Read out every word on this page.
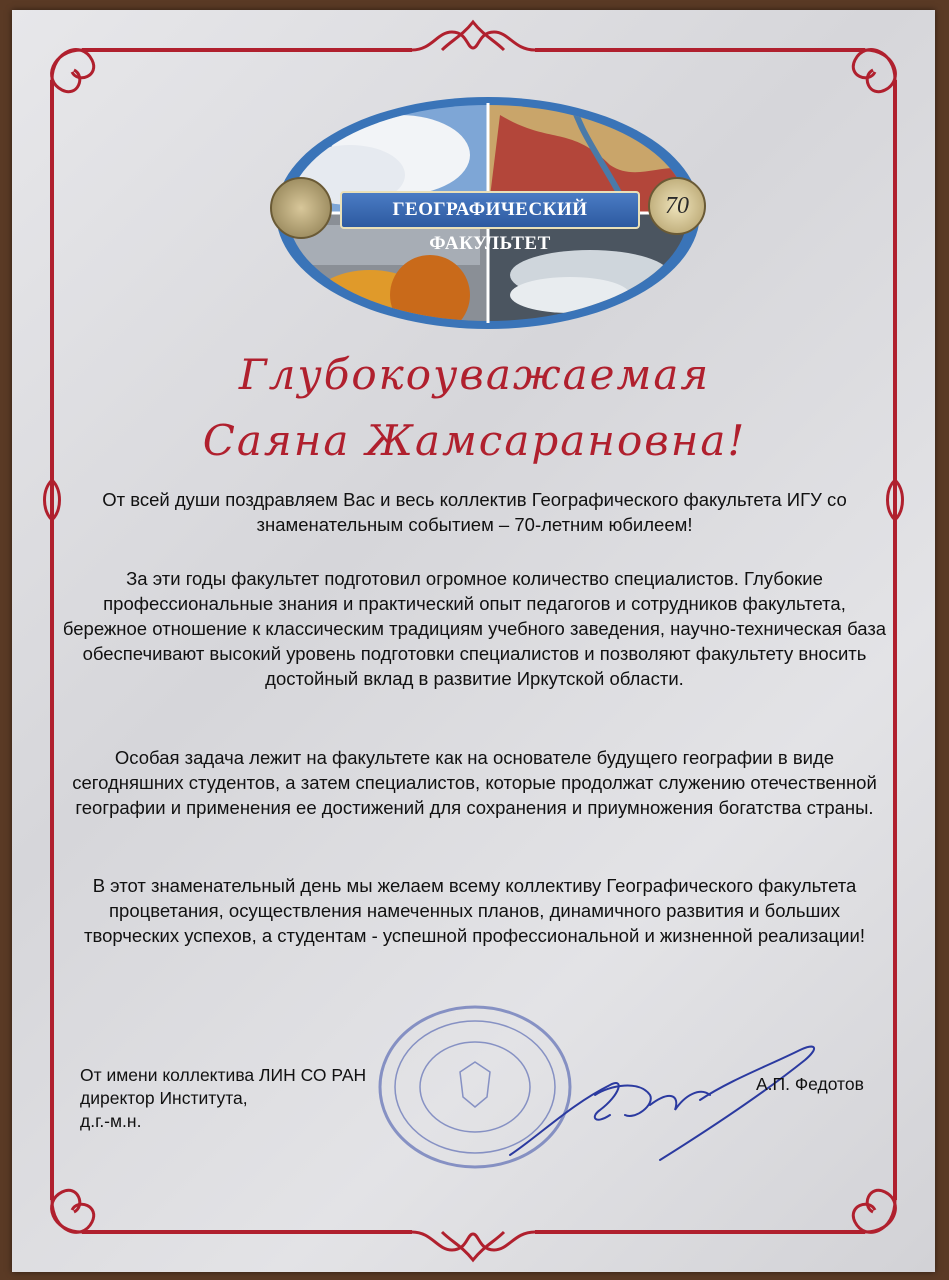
ГЕОГРАФИЧЕСКИЙ ФАКУЛЬТЕТ
70
Глубокоуважаемая
Саяна Жамсарановна!
От всей души поздравляем Вас и весь коллектив Географического факультета ИГУ со знаменательным событием – 70-летним юбилеем!
За эти годы факультет подготовил огромное количество специалистов. Глубокие профессиональные знания и практический опыт педагогов и сотрудников факультета, бережное отношение к классическим традициям учебного заведения, научно-техническая база обеспечивают высокий уровень подготовки специалистов и позволяют факультету вносить достойный вклад в развитие Иркутской области.
Особая задача лежит на факультете как на основателе будущего географии в виде сегодняшних студентов, а затем специалистов, которые продолжат служению отечественной географии и применения ее достижений для сохранения и приумножения богатства страны.
В этот знаменательный день мы желаем всему коллективу Географического факультета процветания, осуществления намеченных планов, динамичного развития и больших творческих успехов, а студентам - успешной профессиональной и жизненной реализации!
От имени коллектива ЛИН СО РАН
директор Института,
д.г.-м.н.
А.П. Федотов
